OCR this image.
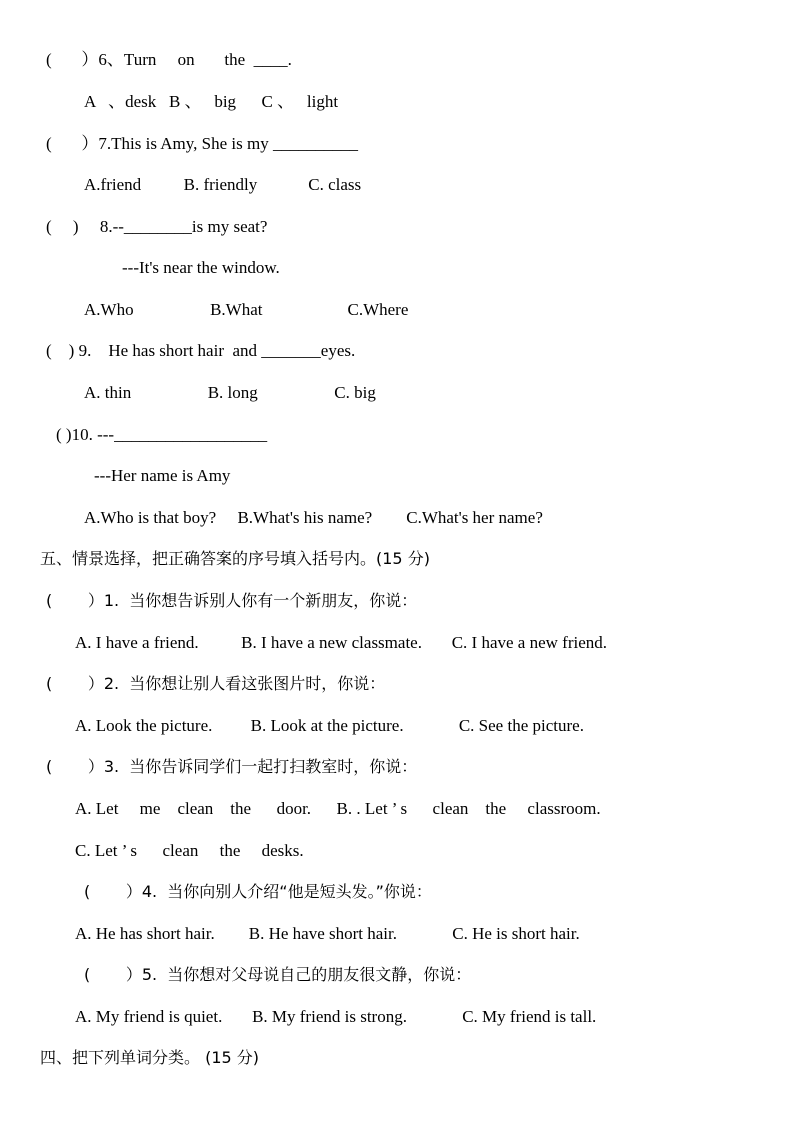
(       ）6、Turn     on       the  ____.
A   、desk   B 、   big      C 、   light
(       ）7.This is Amy, She is my __________
A.friend          B. friendly            C. class
(     )     8.--________is my seat?
---It's near the window.
A.Who                  B.What                    C.Where
(    ) 9.    He has short hair  and _______eyes.
A. thin                  B. long                  C. big
( )10. ---__________________
---Her name is Amy
A.Who is that boy?     B.What's his name?        C.What's her name?
五、情景选择，把正确答案的序号填入括号内。(15 分)
(       ）1.  当你想告诉别人你有一个新朋友，你说：
A. I have a friend.          B. I have a new classmate.       C. I have a new friend.
(       ）2.  当你想让别人看这张图片时，你说：
A. Look the picture.         B. Look at the picture.             C. See the picture.
(       ）3.  当你告诉同学们一起打扫教室时，你说：
A. Let     me    clean    the      door.      B. . Let ’ s      clean    the     classroom.
C. Let ’ s      clean     the     desks.
(       ）4.  当你向别人介绍“他是短头发。”你说：
A. He has short hair.        B. He have short hair.             C. He is short hair.
(       ）5.  当你想对父母说自己的朋友很文静，你说：
A. My friend is quiet.       B. My friend is strong.             C. My friend is tall.
四、把下列单词分类。 (15 分)
